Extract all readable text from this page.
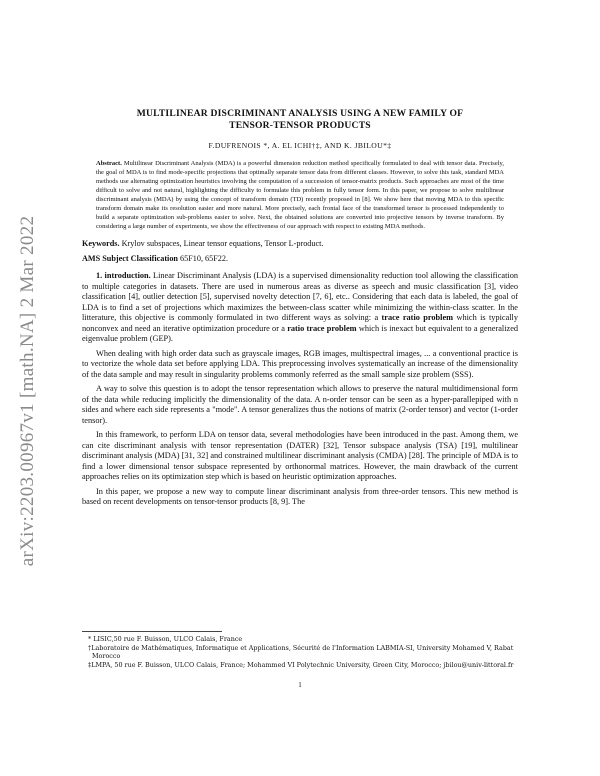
arXiv:2203.00967v1 [math.NA] 2 Mar 2022
MULTILINEAR DISCRIMINANT ANALYSIS USING A NEW FAMILY OF
TENSOR-TENSOR PRODUCTS
F.DUFRENOIS *, A. EL ICHI†‡, AND K. JBILOU*‡
Abstract. Multilinear Discriminant Analysis (MDA) is a powerful dimension reduction method specifically formulated to deal with tensor data. Precisely, the goal of MDA is to find mode-specific projections that optimally separate tensor data from different classes. However, to solve this task, standard MDA methods use alternating optimization heuristics involving the computation of a succession of tensor-matrix products. Such approaches are most of the time difficult to solve and not natural, highlighting the difficulty to formulate this problem in fully tensor form. In this paper, we propose to solve multilinear discriminant analysis (MDA) by using the concept of transform domain (TD) recently proposed in [8]. We show here that moving MDA to this specific transform domain make its resolution easier and more natural. More precisely, each frontal face of the transformed tensor is processed independently to build a separate optimization sub-problems easier to solve. Next, the obtained solutions are converted into projective tensors by inverse transform. By considering a large number of experiments, we show the effectiveness of our approach with respect to existing MDA methods.
Keywords. Krylov subspaces, Linear tensor equations, Tensor L-product.
AMS Subject Classification 65F10, 65F22.

1. introduction. Linear Discriminant Analysis (LDA) is a supervised dimensionality reduction tool allowing the classification to multiple categories in datasets. There are used in numerous areas as diverse as speech and music classification [3], video classification [4], outlier detection [5], supervised novelty detection [7, 6], etc.. Considering that each data is labeled, the goal of LDA is to find a set of projections which maximizes the between-class scatter while minimizing the within-class scatter. In the litterature, this objective is commonly formulated in two different ways as solving: a trace ratio problem which is typically nonconvex and need an iterative optimization procedure or a ratio trace problem which is inexact but equivalent to a generalized eigenvalue problem (GEP).

When dealing with high order data such as grayscale images, RGB images, multispectral images, ... a conventional practice is to vectorize the whole data set before applying LDA. This preprocessing involves systematically an increase of the dimensionality of the data sample and may result in singularity problems commonly referred as the small sample size problem (SSS).

A way to solve this question is to adopt the tensor representation which allows to preserve the natural multidimensional form of the data while reducing implicitly the dimensionality of the data. A n-order tensor can be seen as a hyper-parallepiped with n sides and where each side represents a "mode". A tensor generalizes thus the notions of matrix (2-order tensor) and vector (1-order tensor).

In this framework, to perform LDA on tensor data, several methodologies have been introduced in the past. Among them, we can cite discriminant analysis with tensor representation (DATER) [32], Tensor subspace analysis (TSA) [19], multilinear discriminant analysis (MDA) [31, 32] and constrained multilinear discriminant analysis (CMDA) [28]. The principle of MDA is to find a lower dimensional tensor subspace represented by orthonormal matrices. However, the main drawback of the current approaches relies on its optimization step which is based on heuristic optimization approaches.

In this paper, we propose a new way to compute linear discriminant analysis from three-order tensors. This new method is based on recent developments on tensor-tensor products [8, 9]. The

* LISIC,50 rue F. Buisson, ULCO Calais, France

†Laboratoire de Mathématiques, Informatique et Applications, Sécurité de l'Information LABMIA-SI, University Mohamed V, Rabat Morocco

‡LMPA, 50 rue F. Buisson, ULCO Calais, France; Mohammed VI Polytechnic University, Green City, Morocco; jbilou@univ-littoral.fr

1
